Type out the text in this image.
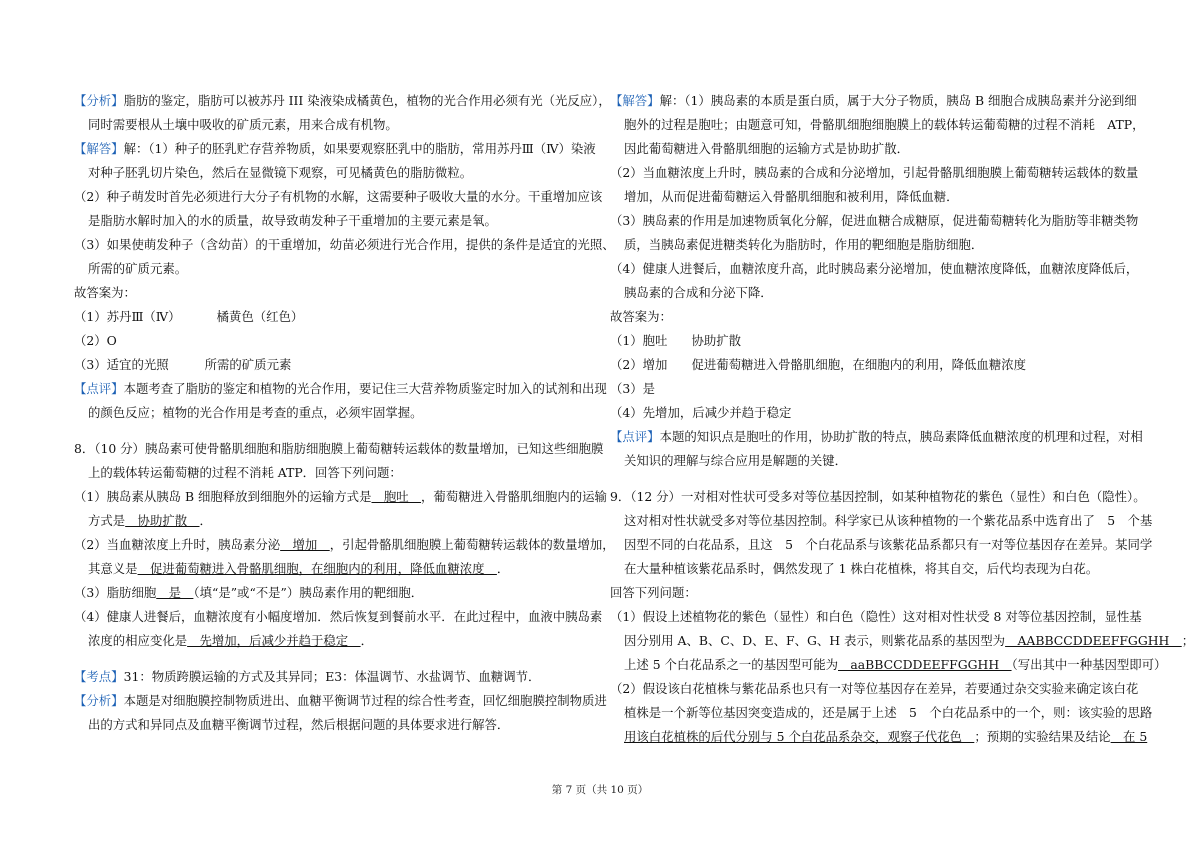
【分析】脂肪的鉴定，脂肪可以被苏丹 III 染液染成橘黄色，植物的光合作用必须有光（光反应），
同时需要根从土壤中吸收的矿质元素，用来合成有机物。
【解答】解：（1）种子的胚乳贮存营养物质，如果要观察胚乳中的脂肪，常用苏丹Ⅲ（Ⅳ）染液
对种子胚乳切片染色，然后在显微镜下观察，可见橘黄色的脂肪微粒。
（2）种子萌发时首先必须进行大分子有机物的水解，这需要种子吸收大量的水分。干重增加应该
是脂肪水解时加入的水的质量，故导致萌发种子干重增加的主要元素是氧。
（3）如果使萌发种子（含幼苗）的干重增加，幼苗必须进行光合作用，提供的条件是适宜的光照、
所需的矿质元素。
故答案为：
（1）苏丹Ⅲ（Ⅳ）	橘黄色（红色）
（2）O
（3）适宜的光照	所需的矿质元素
【点评】本题考查了脂肪的鉴定和植物的光合作用，要记住三大营养物质鉴定时加入的试剂和出现
的颜色反应；植物的光合作用是考查的重点，必须牢固掌握。
8．（10 分）胰岛素可使骨骼肌细胞和脂肪细胞膜上葡萄糖转运载体的数量增加，已知这些细胞膜
上的载体转运葡萄糖的过程不消耗 ATP．回答下列问题：
（1）胰岛素从胰岛 B 细胞释放到细胞外的运输方式是　胞吐　，葡萄糖进入骨骼肌细胞内的运输
方式是　协助扩散　．
（2）当血糖浓度上升时，胰岛素分泌　增加　，引起骨骼肌细胞膜上葡萄糖转运载体的数量增加，
其意义是　促进葡萄糖进入骨骼肌细胞，在细胞内的利用，降低血糖浓度　．
（3）脂肪细胞　是　（填“是”或“不是”）胰岛素作用的靶细胞．
（4）健康人进餐后，血糖浓度有小幅度增加．然后恢复到餐前水平．在此过程中，血液中胰岛素
浓度的相应变化是　先增加，后减少并趋于稳定　．
【考点】31：物质跨膜运输的方式及其异同；E3：体温调节、水盐调节、血糖调节．
【分析】本题是对细胞膜控制物质进出、血糖平衡调节过程的综合性考查，回忆细胞膜控制物质进
出的方式和异同点及血糖平衡调节过程，然后根据问题的具体要求进行解答．
【解答】解：（1）胰岛素的本质是蛋白质，属于大分子物质，胰岛 B 细胞合成胰岛素并分泌到细
胞外的过程是胞吐；由题意可知，骨骼肌细胞细胞膜上的载体转运葡萄糖的过程不消耗　ATP，
因此葡萄糖进入骨骼肌细胞的运输方式是协助扩散．
（2）当血糖浓度上升时，胰岛素的合成和分泌增加，引起骨骼肌细胞膜上葡萄糖转运载体的数量
增加，从而促进葡萄糖运入骨骼肌细胞和被利用，降低血糖．
（3）胰岛素的作用是加速物质氧化分解，促进血糖合成糖原，促进葡萄糖转化为脂肪等非糖类物
质，当胰岛素促进糖类转化为脂肪时，作用的靶细胞是脂肪细胞．
（4）健康人进餐后，血糖浓度升高，此时胰岛素分泌增加，使血糖浓度降低，血糖浓度降低后，
胰岛素的合成和分泌下降．
故答案为：
（1）胞吐 协助扩散
（2）增加 促进葡萄糖进入骨骼肌细胞，在细胞内的利用，降低血糖浓度
（3）是
（4）先增加，后减少并趋于稳定
【点评】本题的知识点是胞吐的作用，协助扩散的特点，胰岛素降低血糖浓度的机理和过程，对相
关知识的理解与综合应用是解题的关键．
9．（12 分）一对相对性状可受多对等位基因控制，如某种植物花的紫色（显性）和白色（隐性）。
这对相对性状就受多对等位基因控制。科学家已从该种植物的一个紫花品系中选育出了　5　个基
因型不同的白花品系，且这　5　个白花品系与该紫花品系都只有一对等位基因存在差异。某同学
在大量种植该紫花品系时，偶然发现了 1 株白花植株，将其自交，后代均表现为白花。
回答下列问题：
（1）假设上述植物花的紫色（显性）和白色（隐性）这对相对性状受 8 对等位基因控制，显性基
因分别用 A、B、C、D、E、F、G、H 表示，则紫花品系的基因型为　AABBCCDDEEFFGGHH　；
上述 5 个白花品系之一的基因型可能为　aaBBCCDDEEFFGGHH　（写出其中一种基因型即可）
（2）假设该白花植株与紫花品系也只有一对等位基因存在差异，若要通过杂交实验来确定该白花
植株是一个新等位基因突变造成的，还是属于上述　5　个白花品系中的一个，则：该实验的思路
用该白花植株的后代分别与 5 个白花品系杂交，观察子代花色　；预期的实验结果及结论　在 5
第 7 页（共 10 页）
